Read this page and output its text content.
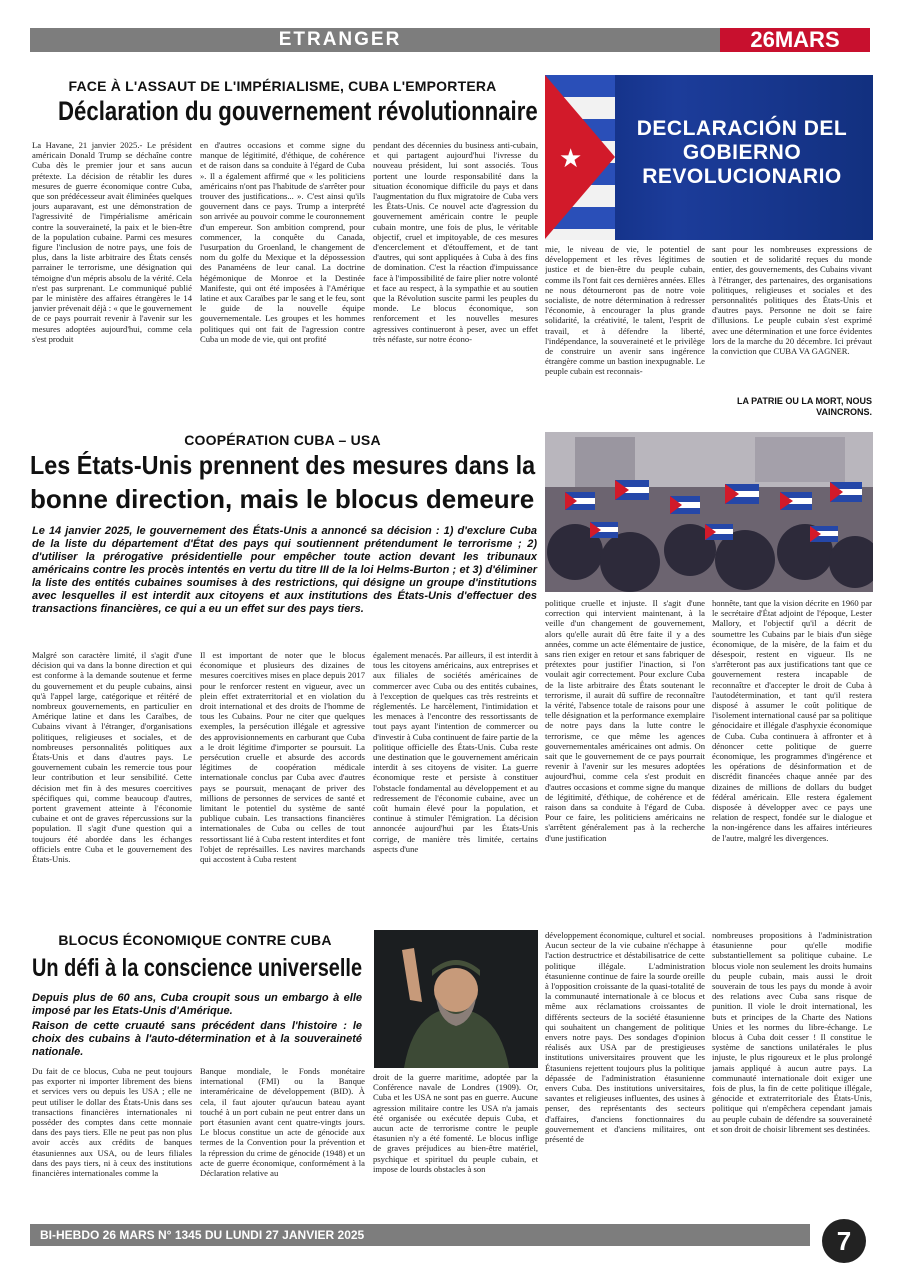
ETRANGER	26MARS
FACE À L'ASSAUT DE L'IMPÉRIALISME, CUBA L'EMPORTERA
Déclaration du gouvernement révolutionnaire
★
DECLARACIÓN DEL GOBIERNO REVOLUCIONARIO
La Havane, 21 janvier 2025.- Le président américain Donald Trump se déchaîne contre Cuba dès le premier jour et sans aucun prétexte. La décision de rétablir les dures mesures de guerre économique contre Cuba, que son prédécesseur avait éliminées quelques jours auparavant, est une démonstration de l'agressivité de l'impérialisme américain contre la souveraineté, la paix et le bien-être de la population cubaine. Parmi ces mesures figure l'inclusion de notre pays, une fois de plus, dans la liste arbitraire des États censés parrainer le terrorisme, une désignation qui témoigne d'un mépris absolu de la vérité. Cela n'est pas surprenant. Le communiqué publié par le ministère des affaires étrangères le 14 janvier prévenait déjà : « que le gouvernement de ce pays pourrait revenir à l'avenir sur les mesures adoptées aujourd'hui, comme cela s'est produit
en d'autres occasions et comme signe du manque de légitimité, d'éthique, de cohérence et de raison dans sa conduite à l'égard de Cuba ». Il a également affirmé que « les politiciens américains n'ont pas l'habitude de s'arrêter pour trouver des justifications... ». C'est ainsi qu'ils gouvernent dans ce pays. Trump a interprété son arrivée au pouvoir comme le couronnement d'un empereur. Son ambition comprend, pour commencer, la conquête du Canada, l'usurpation du Groenland, le changement de nom du golfe du Mexique et la dépossession des Panaméens de leur canal. La doctrine hégémonique de Monroe et la Destinée Manifeste, qui ont été imposées à l'Amérique latine et aux Caraïbes par le sang et le feu, sont le guide de la nouvelle équipe gouvernementale. Les groupes et les hommes politiques qui ont fait de l'agression contre Cuba un mode de vie, qui ont profité
pendant des décennies du business anti-cubain, et qui partagent aujourd'hui l'ivresse du nouveau président, lui sont associés. Tous portent une lourde responsabilité dans la situation économique difficile du pays et dans l'augmentation du flux migratoire de Cuba vers les États-Unis. Ce nouvel acte d'agression du gouvernement américain contre le peuple cubain montre, une fois de plus, le véritable objectif, cruel et impitoyable, de ces mesures d'encerclement et d'étouffement, et de tant d'autres, qui sont appliquées à Cuba à des fins de domination. C'est la réaction d'impuissance face à l'impossibilité de faire plier notre volonté et face au respect, à la sympathie et au soutien que la Révolution suscite parmi les peuples du monde. Le blocus économique, son renforcement et les nouvelles mesures agressives continueront à peser, avec un effet très néfaste, sur notre écono-
mie, le niveau de vie, le potentiel de développement et les rêves légitimes de justice et de bien-être du peuple cubain, comme ils l'ont fait ces dernières années. Elles ne nous détourneront pas de notre voie socialiste, de notre détermination à redresser l'économie, à encourager la plus grande solidarité, la créativité, le talent, l'esprit de travail, et à défendre la liberté, l'indépendance, la souveraineté et le privilège de construire un avenir sans ingérence étrangère comme un bastion inexpugnable. Le peuple cubain est reconnais-
sant pour les nombreuses expressions de soutien et de solidarité reçues du monde entier, des gouvernements, des Cubains vivant à l'étranger, des partenaires, des organisations politiques, religieuses et sociales et des personnalités politiques des États-Unis et d'autres pays. Personne ne doit se faire d'illusions. Le peuple cubain s'est exprimé avec une détermination et une force évidentes lors de la marche du 20 décembre. Ici prévaut la conviction que CUBA VA GAGNER.
LA PATRIE OU LA MORT, NOUS VAINCRONS.
COOPÉRATION CUBA – USA
Les États-Unis prennent des mesures dans la
bonne direction, mais le blocus demeure
Le 14 janvier 2025, le gouvernement des États-Unis a annoncé sa décision : 1) d'exclure Cuba de la liste du département d'État des pays qui soutiennent prétendument le terrorisme ; 2) d'utiliser la prérogative présidentielle pour empêcher toute action devant les tribunaux américains contre les procès intentés en vertu du titre III de la loi Helms-Burton ; et 3) d'éliminer la liste des entités cubaines soumises à des restrictions, qui désigne un groupe d'institutions avec lesquelles il est interdit aux citoyens et aux institutions des États-Unis d'effectuer des transactions financières, ce qui a eu un effet sur des pays tiers.
Malgré son caractère limité, il s'agit d'une décision qui va dans la bonne direction et qui est conforme à la demande soutenue et ferme du gouvernement et du peuple cubains, ainsi qu'à l'appel large, catégorique et réitéré de nombreux gouvernements, en particulier en Amérique latine et dans les Caraïbes, de Cubains vivant à l'étranger, d'organisations politiques, religieuses et sociales, et de nombreuses personnalités politiques aux États-Unis et dans d'autres pays. Le gouvernement cubain les remercie tous pour leur contribution et leur sensibilité. Cette décision met fin à des mesures coercitives spécifiques qui, comme beaucoup d'autres, portent gravement atteinte à l'économie cubaine et ont de graves répercussions sur la population. Il s'agit d'une question qui a toujours été abordée dans les échanges officiels entre Cuba et le gouvernement des États-Unis.
Il est important de noter que le blocus économique et plusieurs des dizaines de mesures coercitives mises en place depuis 2017 pour le renforcer restent en vigueur, avec un plein effet extraterritorial et en violation du droit international et des droits de l'homme de tous les Cubains. Pour ne citer que quelques exemples, la persécution illégale et agressive des approvisionnements en carburant que Cuba a le droit légitime d'importer se poursuit. La persécution cruelle et absurde des accords légitimes de coopération médicale internationale conclus par Cuba avec d'autres pays se poursuit, menaçant de priver des millions de personnes de services de santé et limitant le potentiel du système de santé publique cubain. Les transactions financières internationales de Cuba ou celles de tout ressortissant lié à Cuba restent interdites et font l'objet de représailles. Les navires marchands qui accostent à Cuba restent
également menacés. Par ailleurs, il est interdit à tous les citoyens américains, aux entreprises et aux filiales de sociétés américaines de commercer avec Cuba ou des entités cubaines, à l'exception de quelques cas très restreints et réglementés. Le harcèlement, l'intimidation et les menaces à l'encontre des ressortissants de tout pays ayant l'intention de commercer ou d'investir à Cuba continuent de faire partie de la politique officielle des États-Unis. Cuba reste une destination que le gouvernement américain interdit à ses citoyens de visiter. La guerre économique reste et persiste à constituer l'obstacle fondamental au développement et au redressement de l'économie cubaine, avec un coût humain élevé pour la population, et continue à stimuler l'émigration. La décision annoncée aujourd'hui par les États-Unis corrige, de manière très limitée, certains aspects d'une
politique cruelle et injuste. Il s'agit d'une correction qui intervient maintenant, à la veille d'un changement de gouvernement, alors qu'elle aurait dû être faite il y a des années, comme un acte élémentaire de justice, sans rien exiger en retour et sans fabriquer de prétextes pour justifier l'inaction, si l'on voulait agir correctement. Pour exclure Cuba de la liste arbitraire des États soutenant le terrorisme, il aurait dû suffire de reconnaître la vérité, l'absence totale de raisons pour une telle désignation et la performance exemplaire de notre pays dans la lutte contre le terrorisme, ce que même les agences gouvernementales américaines ont admis. On sait que le gouvernement de ce pays pourrait revenir à l'avenir sur les mesures adoptées aujourd'hui, comme cela s'est produit en d'autres occasions et comme signe du manque de légitimité, d'éthique, de cohérence et de raison dans sa conduite à l'égard de Cuba. Pour ce faire, les politiciens américains ne s'arrêtent généralement pas à la recherche d'une justification
honnête, tant que la vision décrite en 1960 par le secrétaire d'État adjoint de l'époque, Lester Mallory, et l'objectif qu'il a décrit de soumettre les Cubains par le biais d'un siège économique, de la misère, de la faim et du désespoir, restent en vigueur. Ils ne s'arrêteront pas aux justifications tant que ce gouvernement restera incapable de reconnaître et d'accepter le droit de Cuba à l'autodétermination, et tant qu'il restera disposé à assumer le coût politique de l'isolement international causé par sa politique génocidaire et illégale d'asphyxie économique de Cuba. Cuba continuera à affronter et à dénoncer cette politique de guerre économique, les programmes d'ingérence et les opérations de désinformation et de discrédit financées chaque année par des dizaines de millions de dollars du budget fédéral américain. Elle restera également disposée à développer avec ce pays une relation de respect, fondée sur le dialogue et la non-ingérence dans les affaires intérieures de l'autre, malgré les divergences.
BLOCUS ÉCONOMIQUE CONTRE CUBA
Un défi à la conscience universelle
Depuis plus de 60 ans, Cuba croupit sous un embargo à elle imposé par les Etats-Unis d'Amérique.
Raison de cette cruauté sans précédent dans l'histoire : le choix des cubains à l'auto-détermination et à la souveraineté nationale.
Du fait de ce blocus, Cuba ne peut toujours pas exporter ni importer librement des biens et services vers ou depuis les USA ; elle ne peut utiliser le dollar des États-Unis dans ses transactions financières internationales ni posséder des comptes dans cette monnaie dans des pays tiers. Elle ne peut pas non plus avoir accès aux crédits de banques étasuniennes aux USA, ou de leurs filiales dans des pays tiers, ni à ceux des institutions financières internationales comme la
Banque mondiale, le Fonds monétaire international (FMI) ou la Banque interaméricaine de développement (BID). À cela, il faut ajouter qu'aucun bateau ayant touché à un port cubain ne peut entrer dans un port étasunien avant cent quatre-vingts jours. Le blocus constitue un acte de génocide aux termes de la Convention pour la prévention et la répression du crime de génocide (1948) et un acte de guerre économique, conformément à la Déclaration relative au
droit de la guerre maritime, adoptée par la Conférence navale de Londres (1909). Or, Cuba et les USA ne sont pas en guerre. Aucune agression militaire contre les USA n'a jamais été organisée ou exécutée depuis Cuba, et aucun acte de terrorisme contre le peuple étasunien n'y a été fomenté. Le blocus inflige de graves préjudices au bien-être matériel, psychique et spirituel du peuple cubain, et impose de lourds obstacles à son
développement économique, culturel et social. Aucun secteur de la vie cubaine n'échappe à l'action destructrice et déstabilisatrice de cette politique illégale. L'administration étasunienne continue de faire la sourde oreille à l'opposition croissante de la quasi-totalité de la communauté internationale à ce blocus et même aux réclamations croissantes de différents secteurs de la société étasunienne qui souhaitent un changement de politique envers notre pays. Des sondages d'opinion réalisés aux USA par de prestigieuses institutions universitaires prouvent que les Étasuniens rejettent toujours plus la politique dépassée de l'administration étasunienne envers Cuba. Des institutions universitaires, savantes et religieuses influentes, des usines à penser, des représentants des secteurs d'affaires, d'anciens fonctionnaires du gouvernement et d'anciens militaires, ont présenté de
nombreuses propositions à l'administration étasunienne pour qu'elle modifie substantiellement sa politique cubaine. Le blocus viole non seulement les droits humains du peuple cubain, mais aussi le droit souverain de tous les pays du monde à avoir des relations avec Cuba sans risque de punition. Il viole le droit international, les buts et principes de la Charte des Nations Unies et les normes du libre-échange. Le blocus à Cuba doit cesser ! Il constitue le système de sanctions unilatérales le plus injuste, le plus rigoureux et le plus prolongé jamais appliqué à aucun autre pays. La communauté internationale doit exiger une fois de plus, la fin de cette politique illégale, génocide et extraterritoriale des États-Unis, politique qui n'empêchera cependant jamais au peuple cubain de défendre sa souveraineté et son droit de choisir librement ses destinées.
BI-HEBDO 26 MARS N° 1345 DU LUNDI 27 JANVIER 2025	7
